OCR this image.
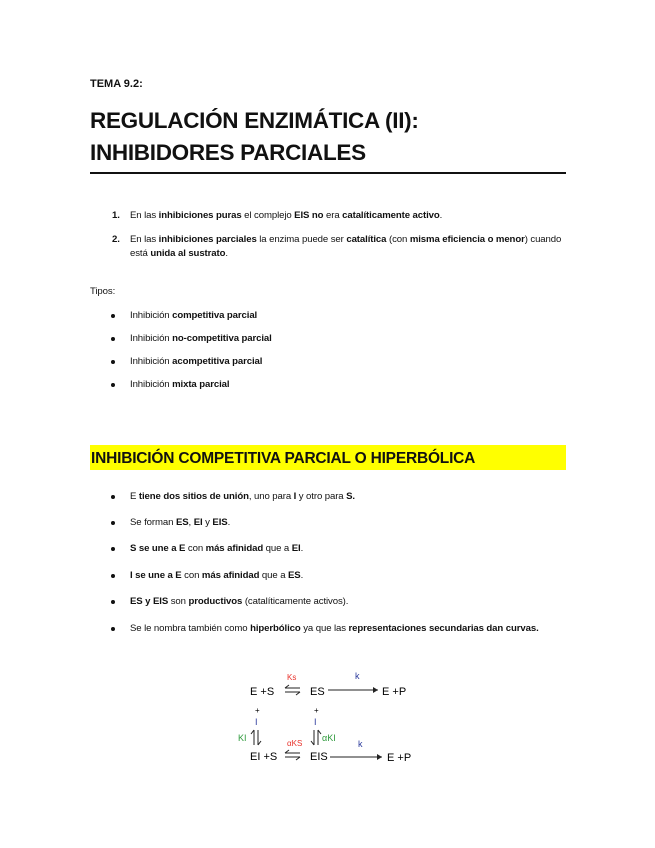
TEMA 9.2:
REGULACIÓN ENZIMÁTICA (II):
INHIBIDORES PARCIALES
1. En las inhibiciones puras el complejo EIS no era catalíticamente activo.
2. En las inhibiciones parciales la enzima puede ser catalítica (con misma eficiencia o menor) cuando está unida al sustrato.
Tipos:
Inhibición competitiva parcial
Inhibición no-competitiva parcial
Inhibición acompetitiva parcial
Inhibición mixta parcial
INHIBICIÓN COMPETITIVA PARCIAL O HIPERBÓLICA
E tiene dos sitios de unión, uno para I y otro para S.
Se forman ES, EI y EIS.
S se une a E con más afinidad que a EI.
I se une a E con más afinidad que a ES.
ES y EIS son productivos (catalíticamente activos).
Se le nombra también como hiperbólico ya que las representaciones secundarias dan curvas.
E +S
Ks
ES
k
E +P
+	+
I	I
KI	αKI
EI +S
αKS
EIS
k
E +P
